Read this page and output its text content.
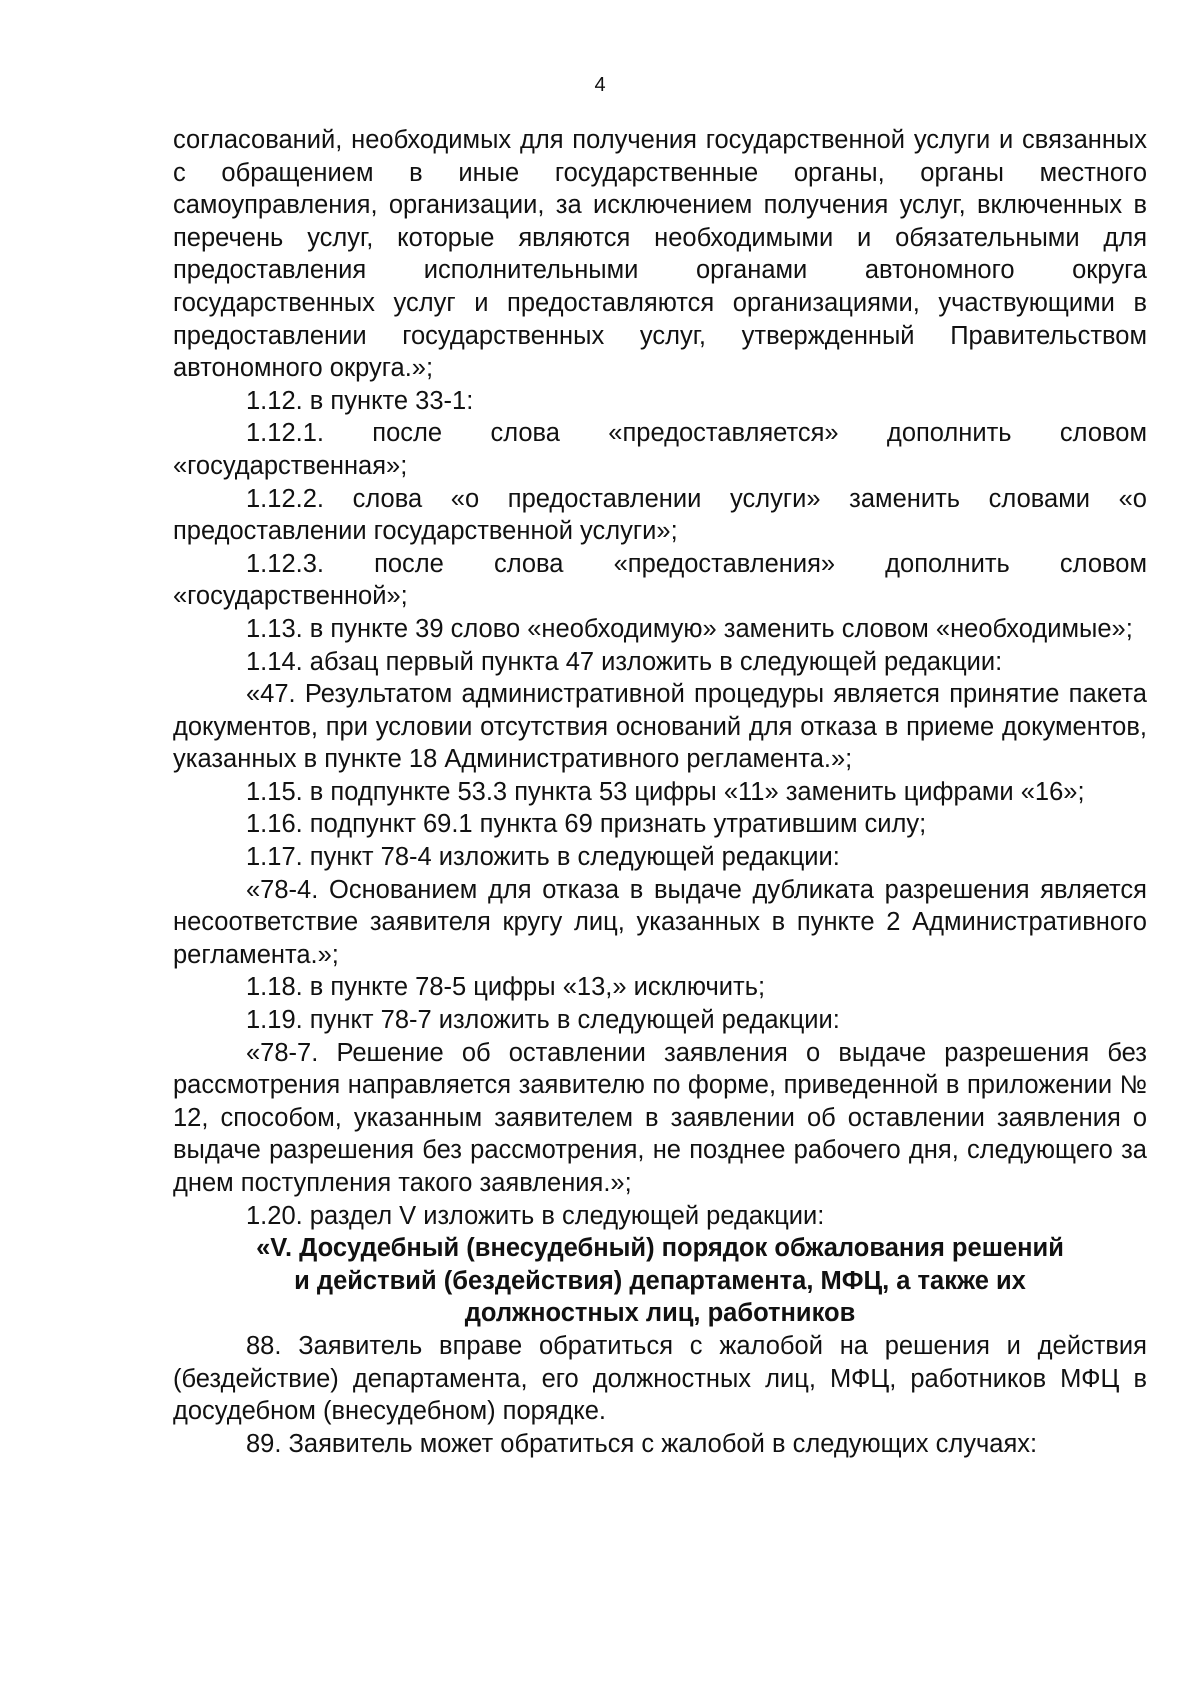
4

согласований, необходимых для получения государственной услуги и связанных с обращением в иные государственные органы, органы местного самоуправления, организации, за исключением получения услуг, включенных в перечень услуг, которые являются необходимыми и обязательными для предоставления исполнительными органами автономного округа государственных услуг и предоставляются организациями, участвующими в предоставлении государственных услуг, утвержденный Правительством автономного округа.»;

1.12. в пункте 33-1:

1.12.1. после слова «предоставляется» дополнить словом «государственная»;

1.12.2. слова «о предоставлении услуги» заменить словами «о предоставлении государственной услуги»;

1.12.3. после слова «предоставления» дополнить словом «государственной»;

1.13. в пункте 39 слово «необходимую» заменить словом «необходимые»;

1.14. абзац первый пункта 47 изложить в следующей редакции:

«47. Результатом административной процедуры является принятие пакета документов, при условии отсутствия оснований для отказа в приеме документов, указанных в пункте 18 Административного регламента.»;

1.15. в подпункте 53.3 пункта 53 цифры «11» заменить цифрами «16»;

1.16. подпункт 69.1 пункта 69 признать утратившим силу;

1.17. пункт 78-4 изложить в следующей редакции:

«78-4. Основанием для отказа в выдаче дубликата разрешения является несоответствие заявителя кругу лиц, указанных в пункте 2 Административного регламента.»;

1.18. в пункте 78-5 цифры «13,» исключить;

1.19. пункт 78-7 изложить в следующей редакции:

«78-7. Решение об оставлении заявления о выдаче разрешения без рассмотрения направляется заявителю по форме, приведенной в приложении № 12, способом, указанным заявителем в заявлении об оставлении заявления о выдаче разрешения без рассмотрения, не позднее рабочего дня, следующего за днем поступления такого заявления.»;

1.20. раздел V изложить в следующей редакции:

«V. Досудебный (внесудебный) порядок обжалования решений
и действий (бездействия) департамента, МФЦ, а также их
должностных лиц, работников

88. Заявитель вправе обратиться с жалобой на решения и действия (бездействие) департамента, его должностных лиц, МФЦ, работников МФЦ в досудебном (внесудебном) порядке.

89. Заявитель может обратиться с жалобой в следующих случаях:
